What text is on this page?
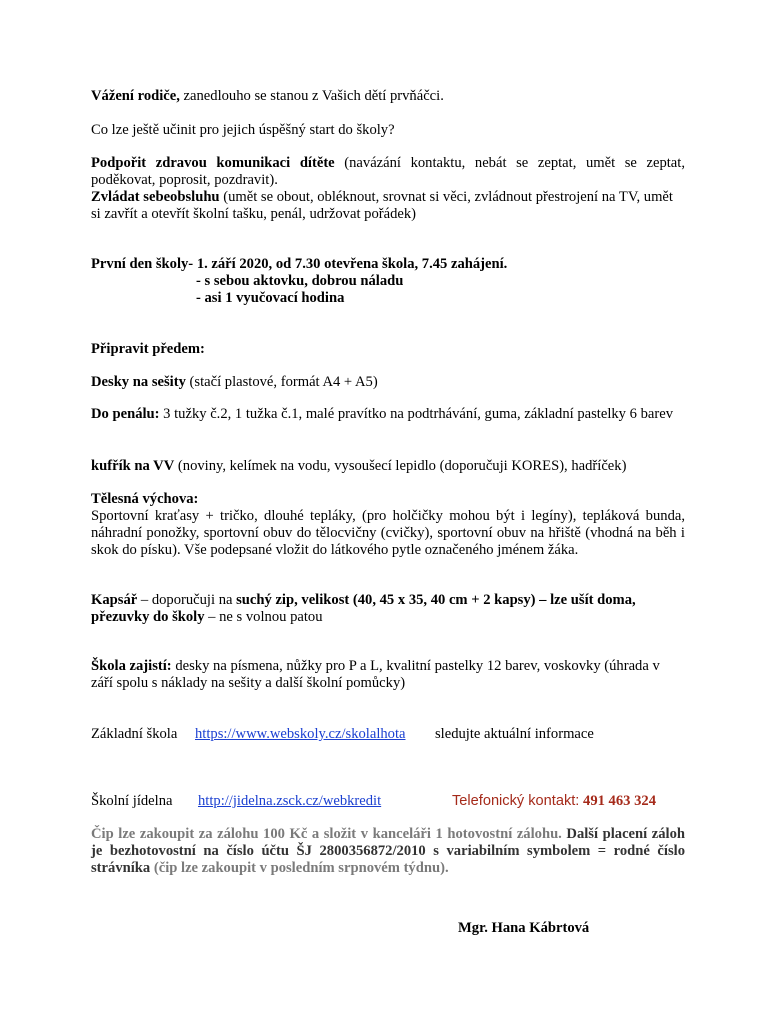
Vážení rodiče, zanedlouho se stanou z Vašich dětí prvňáčci.

Co lze ještě učinit pro jejich úspěšný start do školy?

Podpořit zdravou komunikaci dítěte (navázání kontaktu, nebát se zeptat, umět se zeptat, poděkovat, poprosit, pozdravit).

Zvládat sebeobsluhu (umět se obout, obléknout, srovnat si věci, zvládnout přestrojení na TV, umět si zavřít a otevřít školní tašku, penál, udržovat pořádek)

První den školy- 1. září 2020, od 7.30 otevřena škola, 7.45 zahájení.

- s sebou aktovku, dobrou náladu

- asi 1 vyučovací hodina

Připravit předem:

Desky na sešity (stačí plastové, formát A4 + A5)

Do penálu: 3 tužky č.2, 1 tužka č.1, malé pravítko na podtrhávání, guma, základní pastelky 6 barev

kufřík na VV (noviny, kelímek na vodu, vysoušecí lepidlo (doporučuji KORES), hadříček)

Tělesná výchova:

Sportovní kraťasy + tričko, dlouhé tepláky, (pro holčičky mohou být i legíny), tepláková bunda, náhradní ponožky, sportovní obuv do tělocvičny (cvičky), sportovní obuv na hřiště (vhodná na běh i skok do písku). Vše podepsané vložit do látkového pytle označeného jménem žáka.

Kapsář – doporučuji na suchý zip, velikost (40, 45 x 35, 40 cm + 2 kapsy) – lze ušít doma, přezuvky do školy – ne s volnou patou

Škola zajistí: desky na písmena, nůžky pro P a L, kvalitní pastelky 12 barev, voskovky (úhrada v září spolu s náklady na sešity a další školní pomůcky)

Základní škola https://www.webskoly.cz/skolalhota sledujte aktuální informace

Školní jídelna http://jidelna.zsck.cz/webkredit	Telefonický kontakt: 491 463 324

Čip lze zakoupit za zálohu 100 Kč a složit v kanceláři 1 hotovostní zálohu. Další placení záloh je bezhotovostní na číslo účtu ŠJ 2800356872/2010 s variabilním symbolem = rodné číslo strávníka (čip lze zakoupit v posledním srpnovém týdnu).

Mgr. Hana Kábrtová
